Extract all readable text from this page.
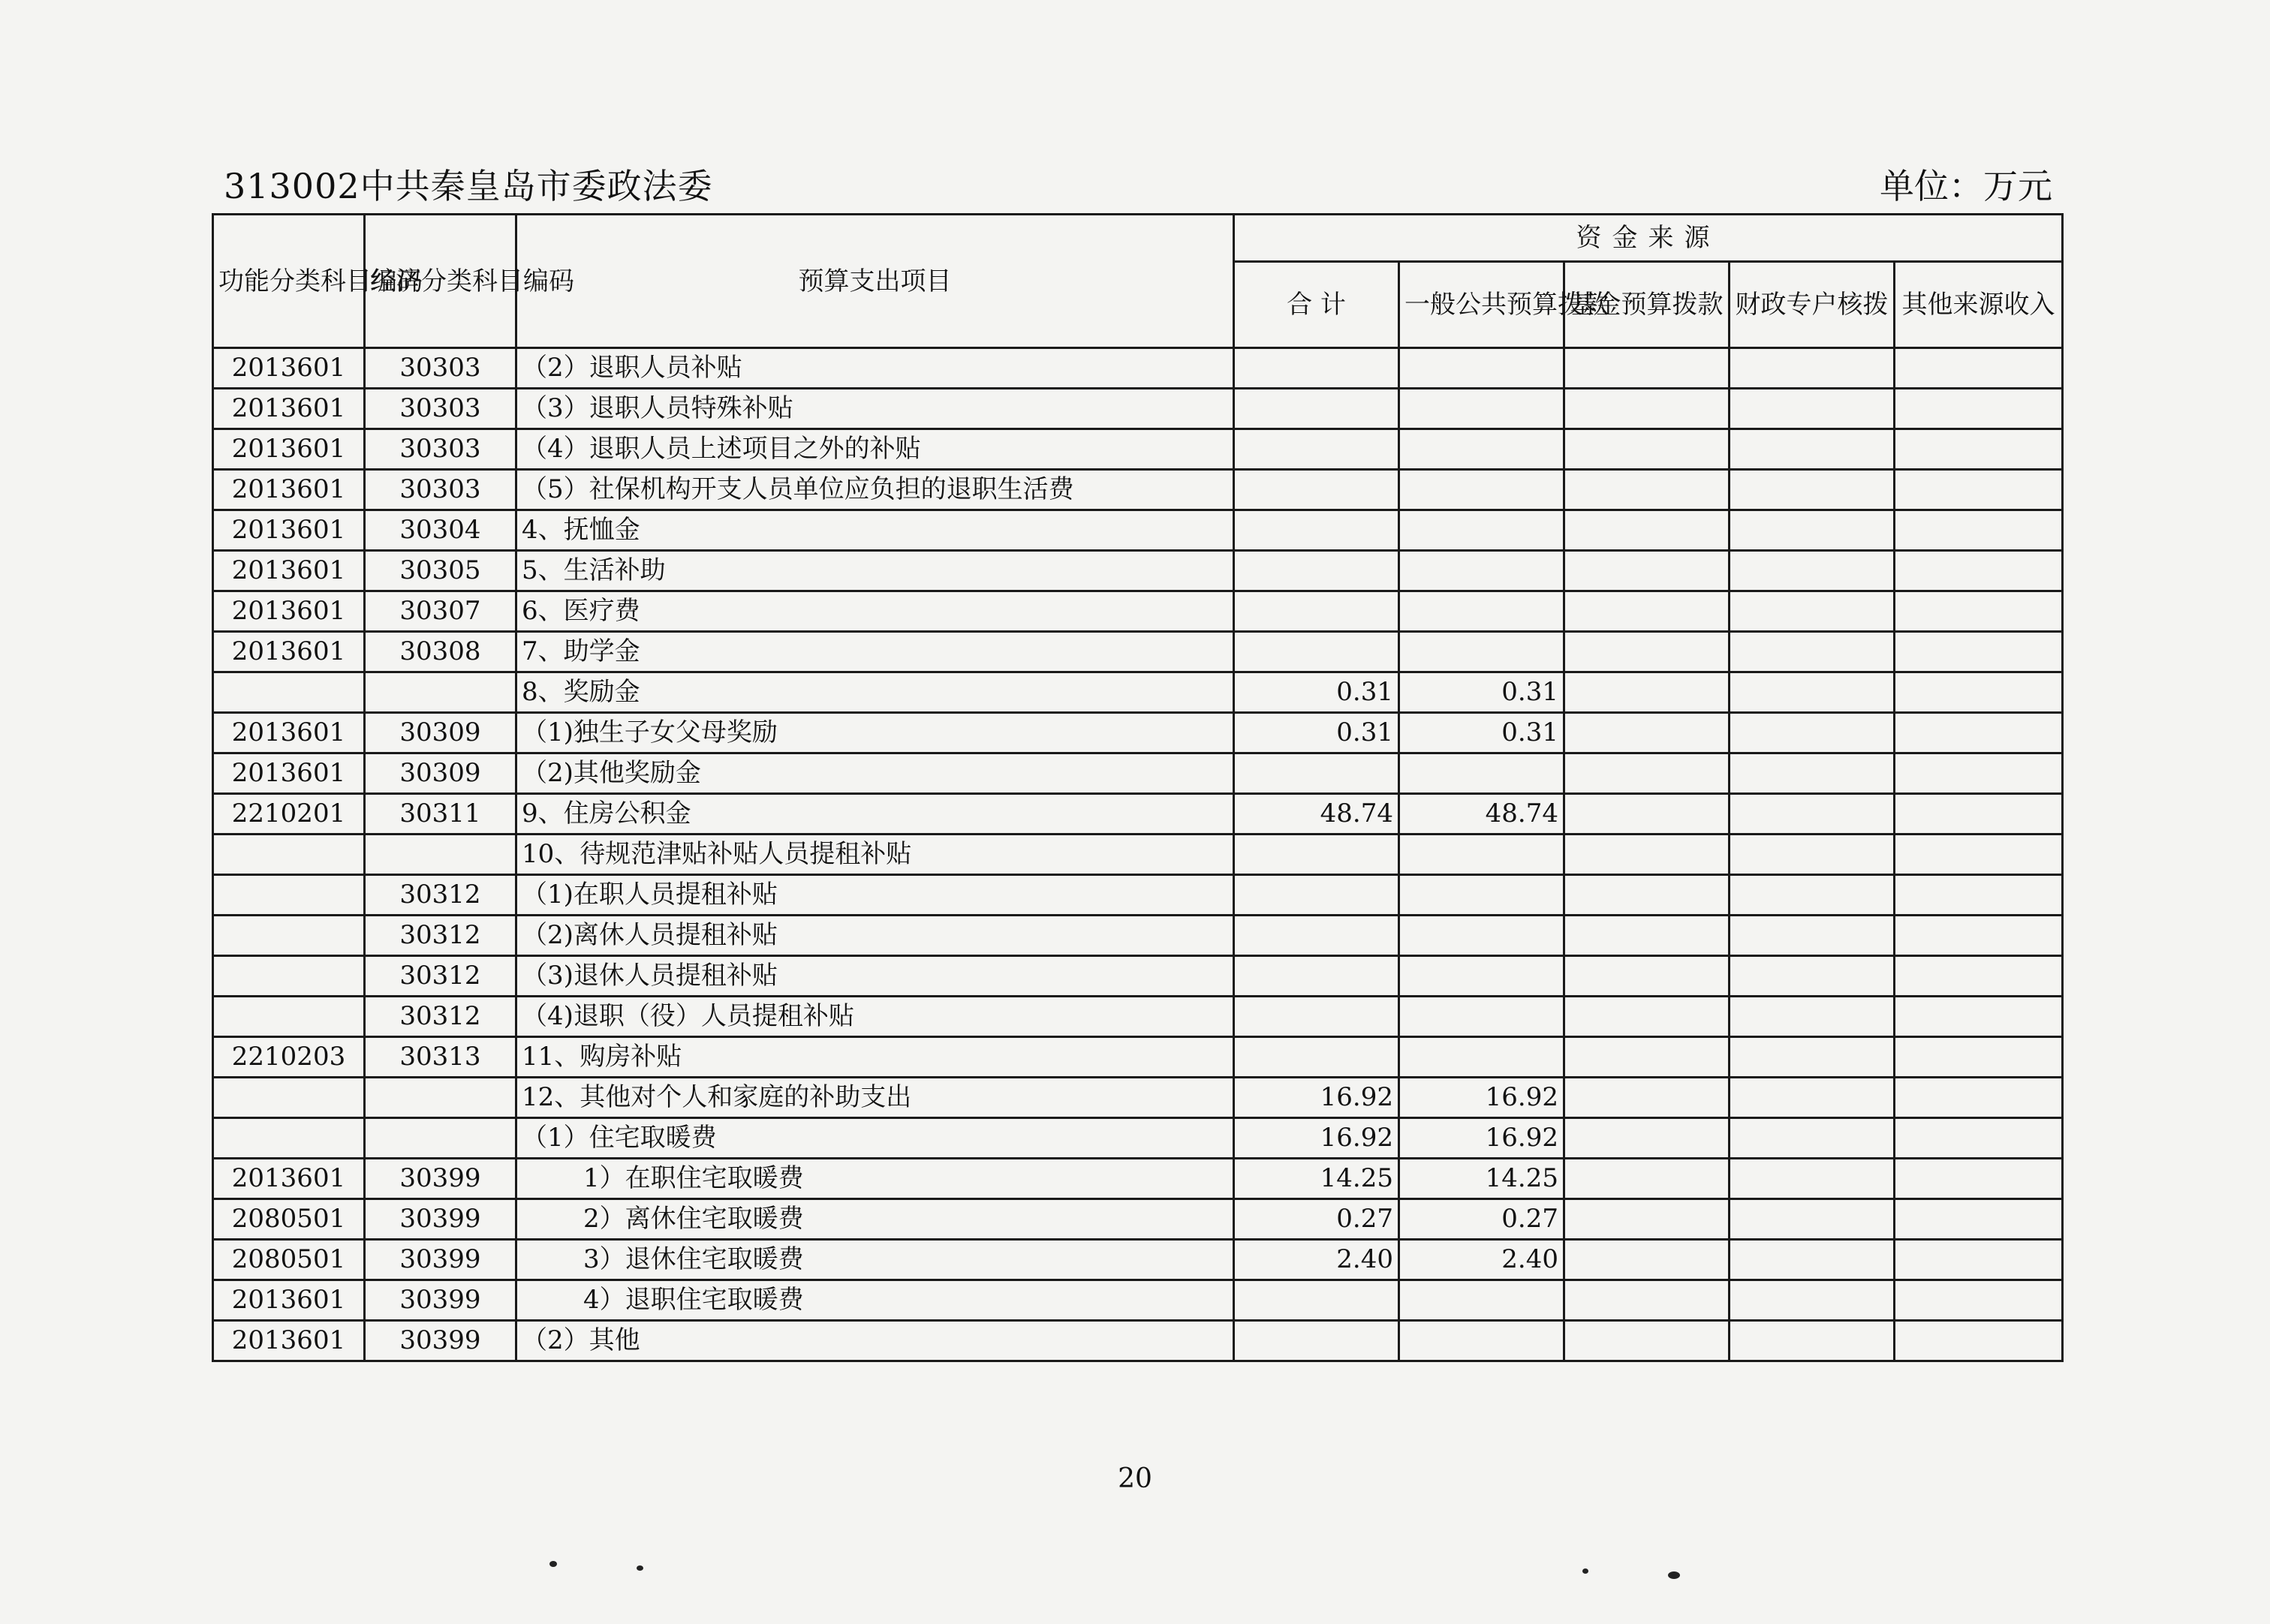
313002中共秦皇岛市委政法委	单位：万元
功能分类科目编码	经济分类科目编码	预算支出项目	资金来源				
			合 计	一般公共预算拨款	基金预算拨款	财政专户核拨	其他来源收入
2013601	30303	（2）退职人员补贴					
2013601	30303	（3）退职人员特殊补贴					
2013601	30303	（4）退职人员上述项目之外的补贴					
2013601	30303	（5）社保机构开支人员单位应负担的退职生活费					
2013601	30304	4、抚恤金					
2013601	30305	5、生活补助					
2013601	30307	6、医疗费					
2013601	30308	7、助学金					
		8、奖励金	0.31	0.31			
2013601	30309	（1)独生子女父母奖励	0.31	0.31			
2013601	30309	（2)其他奖励金					
2210201	30311	9、住房公积金	48.74	48.74			
		10、待规范津贴补贴人员提租补贴					
	30312	（1)在职人员提租补贴					
	30312	（2)离休人员提租补贴					
	30312	（3)退休人员提租补贴					
	30312	（4)退职（役）人员提租补贴					
2210203	30313	11、购房补贴					
		12、其他对个人和家庭的补助支出	16.92	16.92			
		（1）住宅取暖费	16.92	16.92			
2013601	30399	1）在职住宅取暖费	14.25	14.25			
2080501	30399	2）离休住宅取暖费	0.27	0.27			
2080501	30399	3）退休住宅取暖费	2.40	2.40			
2013601	30399	4）退职住宅取暖费					
2013601	30399	（2）其他					
20
